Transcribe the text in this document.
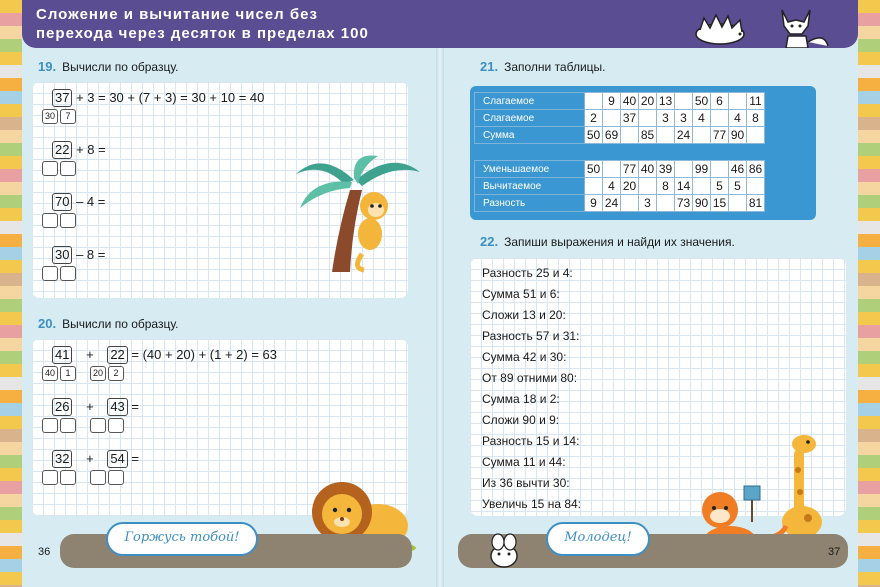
Сложение и вычитание чисел без
перехода через десяток в пределах 100
19. Вычисли по образцу.
37 + 3 = 30 + (7 + 3) = 30 + 10 = 40
30	7
22 + 8 =
70 – 4 =
30 – 8 =
20. Вычисли по образцу.
41 + 22 = (40 + 20) + (1 + 2) = 63
40	1	20	2
26 + 43 =
32 + 54 =
21. Заполни таблицы.
Слагаемое		9	40	20	13		50	6		11
Слагаемое	2		37		3	3	4		4	8
Сумма	50	69		85		24		77	90	
Уменьшаемое	50		77	40	39		99		46	86
Вычитаемое		4	20		8	14		5	5	
Разность	9	24		3		73	90	15		81
22. Запиши выражения и найди их значения.
Разность 25 и 4:
Сумма 51 и 6:
Сложи 13 и 20:
Разность 57 и 31:
Сумма 42 и 30:
От 89 отними 80:
Сумма 18 и 2:
Сложи 90 и 9:
Разность 15 и 14:
Сумма 11 и 44:
Из 36 вычти 30:
Увеличь 15 на 84:
Горжусь тобой!	Молодец!
36	37
